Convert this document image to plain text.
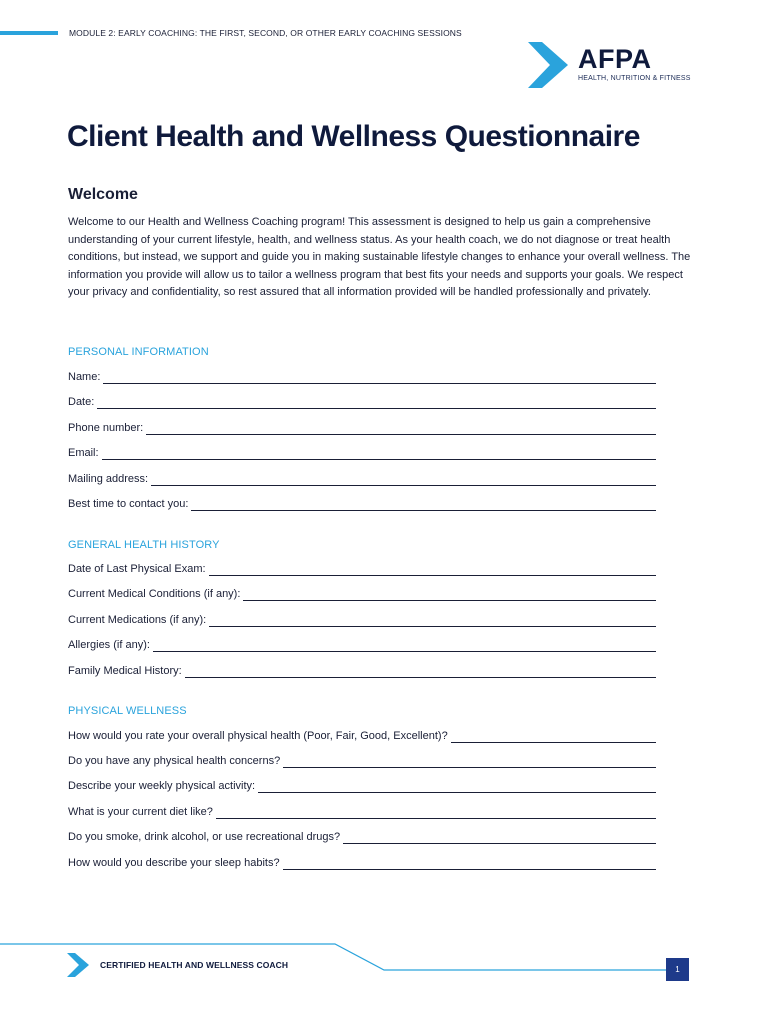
MODULE 2: EARLY COACHING: THE FIRST, SECOND, OR OTHER EARLY COACHING SESSIONS
AFPA
HEALTH, NUTRITION & FITNESS
Client Health and Wellness Questionnaire
Welcome

Welcome to our Health and Wellness Coaching program! This assessment is designed to help us gain a comprehensive understanding of your current lifestyle, health, and wellness status. As your health coach, we do not diagnose or treat health conditions, but instead, we support and guide you in making sustainable lifestyle changes to enhance your overall wellness. The information you provide will allow us to tailor a wellness program that best fits your needs and supports your goals. We respect your privacy and confidentiality, so rest assured that all information provided will be handled professionally and privately.

PERSONAL INFORMATION
Name:
Date:
Phone number:
Email:
Mailing address:
Best time to contact you:
GENERAL HEALTH HISTORY
Date of Last Physical Exam:
Current Medical Conditions (if any):
Current Medications (if any):
Allergies (if any):
Family Medical History:
PHYSICAL WELLNESS
How would you rate your overall physical health (Poor, Fair, Good, Excellent)?
Do you have any physical health concerns?
Describe your weekly physical activity:
What is your current diet like?
Do you smoke, drink alcohol, or use recreational drugs?
How would you describe your sleep habits?
CERTIFIED HEALTH AND WELLNESS COACH	1
